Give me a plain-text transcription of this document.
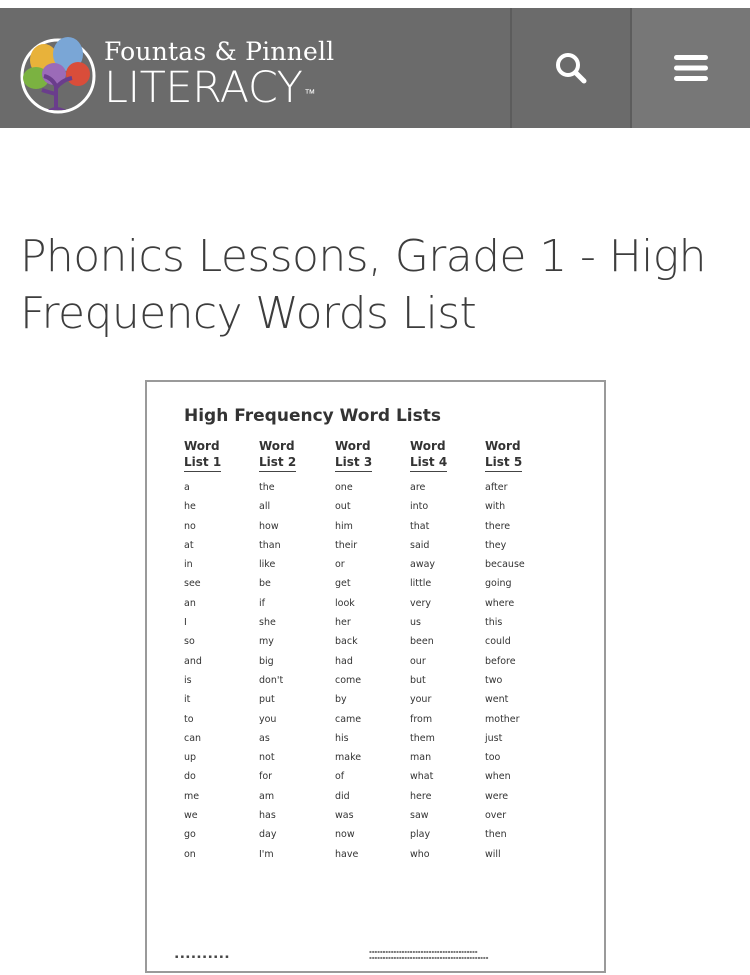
Fountas & Pinnell
LITERACY ™
Phonics Lessons, Grade 1 - High Frequency Words List
High Frequency Word Lists
Word
List 1
a
he
no
at
in
see
an
I
so
and
is
it
to
can
up
do
me
we
go
on
Word
List 2
the
all
how
than
like
be
if
she
my
big
don't
put
you
as
not
for
am
has
day
I'm
Word
List 3
one
out
him
their
or
get
look
her
back
had
come
by
came
his
make
of
did
was
now
have
Word
List 4
are
into
that
said
away
little
very
us
been
our
but
your
from
them
man
what
here
saw
play
who
Word
List 5
after
with
there
they
because
going
where
this
could
before
two
went
mother
just
too
when
were
over
then
will
▪ ▪ ▪ ▪ ▪ ▪ ▪ ▪ ▪ ▪
▪▪▪▪▪▪▪▪▪▪▪▪▪▪▪▪▪▪▪▪▪▪▪▪▪▪▪▪▪▪▪▪▪▪▪▪▪▪▪▪
▪▪▪▪▪▪▪▪▪▪▪▪▪▪▪▪▪▪▪▪▪▪▪▪▪▪▪▪▪▪▪▪▪▪▪▪▪▪▪▪▪▪▪▪
